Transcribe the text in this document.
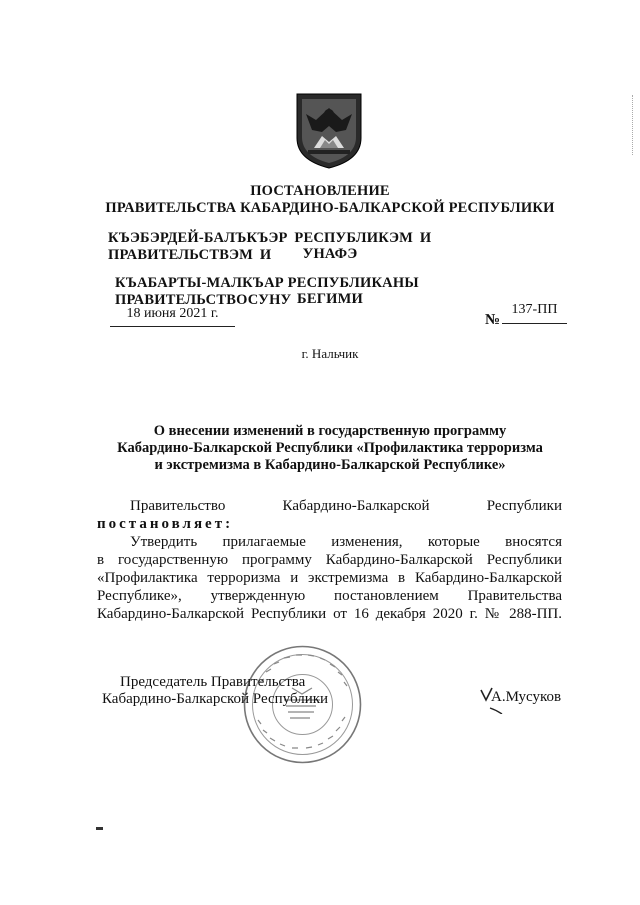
ПОСТАНОВЛЕНИЕ
ПРАВИТЕЛЬСТВА КАБАРДИНО-БАЛКАРСКОЙ РЕСПУБЛИКИ
КЪЭБЭРДЕЙ-БАЛЪКЪЭР РЕСПУБЛИКЭМ И ПРАВИТЕЛЬСТВЭМ И	УНАФЭ
КЪАБАРТЫ-МАЛКЪАР РЕСПУБЛИКАНЫ ПРАВИТЕЛЬСТВОСУНУ БЕГИМИ
18 июня 2021 г.	№
137-ПП
г. Нальчик
О внесении изменений в государственную программу
Кабардино-Балкарской Республики «Профилактика терроризма
и экстремизма в Кабардино-Балкарской Республике»
Правительство	Кабардино-Балкарской	Республики
постановляет:
Утвердить прилагаемые изменения, которые вносятся
в государственную программу Кабардино-Балкарской Республики
«Профилактика терроризма и экстремизма в Кабардино-Балкарской
Республике», утвержденную постановлением Правительства
Кабардино-Балкарской Республики от 16 декабря 2020 г. № 288-ПП.
Председатель Правительства
Кабардино-Балкарской Республики	А.Мусуков
